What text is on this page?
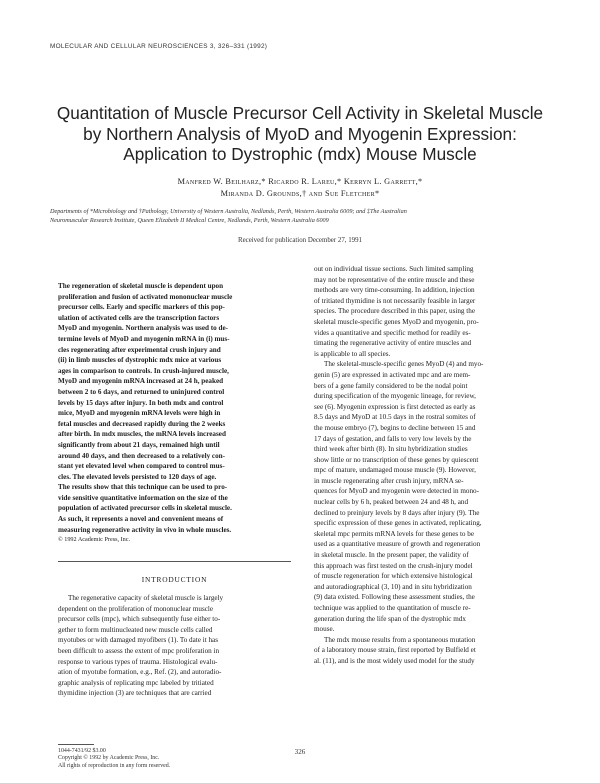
MOLECULAR AND CELLULAR NEUROSCIENCES 3, 326–331 (1992)
Quantitation of Muscle Precursor Cell Activity in Skeletal Muscle
by Northern Analysis of MyoD and Myogenin Expression:
Application to Dystrophic (mdx) Mouse Muscle
Manfred W. Beilharz,* Ricardo R. Lareu,* Kerryn L. Garrett,*
Miranda D. Grounds,† and Sue Fletcher*
Departments of *Microbiology and †Pathology, University of Western Australia, Nedlands, Perth, Western Australia 6009; and ‡The Australian
Neuromuscular Research Institute, Queen Elizabeth II Medical Centre, Nedlands, Perth, Western Australia 6009
Received for publication December 27, 1991
The regeneration of skeletal muscle is dependent upon
proliferation and fusion of activated mononuclear muscle
precursor cells. Early and specific markers of this pop-
ulation of activated cells are the transcription factors
MyoD and myogenin. Northern analysis was used to de-
termine levels of MyoD and myogenin mRNA in (i) mus-
cles regenerating after experimental crush injury and
(ii) in limb muscles of dystrophic mdx mice at various
ages in comparison to controls. In crush-injured muscle,
MyoD and myogenin mRNA increased at 24 h, peaked
between 2 to 6 days, and returned to uninjured control
levels by 15 days after injury. In both mdx and control
mice, MyoD and myogenin mRNA levels were high in
fetal muscles and decreased rapidly during the 2 weeks
after birth. In mdx muscles, the mRNA levels increased
significantly from about 21 days, remained high until
around 40 days, and then decreased to a relatively con-
stant yet elevated level when compared to control mus-
cles. The elevated levels persisted to 120 days of age.
The results show that this technique can be used to pro-
vide sensitive quantitative information on the size of the
population of activated precursor cells in skeletal muscle.
As such, it represents a novel and convenient means of
measuring regenerative activity in vivo in whole muscles.
© 1992 Academic Press, Inc.
INTRODUCTION
The regenerative capacity of skeletal muscle is largely
dependent on the proliferation of mononuclear muscle
precursor cells (mpc), which subsequently fuse either to-
gether to form multinucleated new muscle cells called
myotubes or with damaged myofibers (1). To date it has
been difficult to assess the extent of mpc proliferation in
response to various types of trauma. Histological evalu-
ation of myotube formation, e.g., Ref. (2), and autoradio-
graphic analysis of replicating mpc labeled by tritiated
thymidine injection (3) are techniques that are carried
out on individual tissue sections. Such limited sampling
may not be representative of the entire muscle and these
methods are very time-consuming. In addition, injection
of tritiated thymidine is not necessarily feasible in larger
species. The procedure described in this paper, using the
skeletal muscle-specific genes MyoD and myogenin, pro-
vides a quantitative and specific method for readily es-
timating the regenerative activity of entire muscles and
is applicable to all species.
The skeletal-muscle-specific genes MyoD (4) and myo-
genin (5) are expressed in activated mpc and are mem-
bers of a gene family considered to be the nodal point
during specification of the myogenic lineage, for review,
see (6). Myogenin expression is first detected as early as
8.5 days and MyoD at 10.5 days in the rostral somites of
the mouse embryo (7), begins to decline between 15 and
17 days of gestation, and falls to very low levels by the
third week after birth (8). In situ hybridization studies
show little or no transcription of these genes by quiescent
mpc of mature, undamaged mouse muscle (9). However,
in muscle regenerating after crush injury, mRNA se-
quences for MyoD and myogenin were detected in mono-
nuclear cells by 6 h, peaked between 24 and 48 h, and
declined to preinjury levels by 8 days after injury (9). The
specific expression of these genes in activated, replicating,
skeletal mpc permits mRNA levels for these genes to be
used as a quantitative measure of growth and regeneration
in skeletal muscle. In the present paper, the validity of
this approach was first tested on the crush-injury model
of muscle regeneration for which extensive histological
and autoradiographical (3, 10) and in situ hybridization
(9) data existed. Following these assessment studies, the
technique was applied to the quantitation of muscle re-
generation during the life span of the dystrophic mdx
mouse.
The mdx mouse results from a spontaneous mutation
of a laboratory mouse strain, first reported by Bulfield et
al. (11), and is the most widely used model for the study
1044-7431/92 $3.00
Copyright © 1992 by Academic Press, Inc.
All rights of reproduction in any form reserved.
326
